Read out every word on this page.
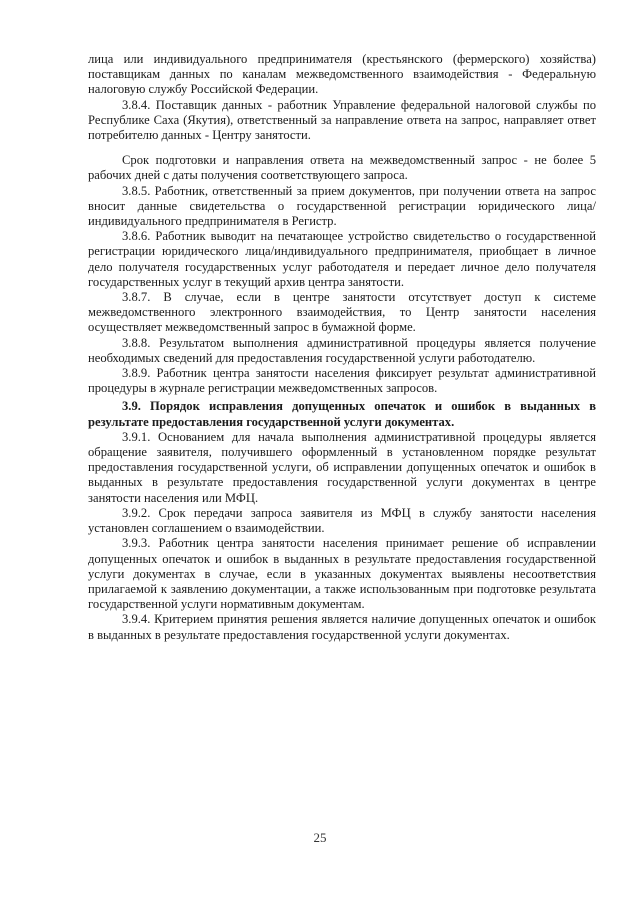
лица или индивидуального предпринимателя (крестьянского (фермерского) хозяйства) поставщикам данных по каналам межведомственного взаимодействия - Федеральную налоговую службу Российской Федерации.

3.8.4. Поставщик данных - работник Управление федеральной налоговой службы по Республике Саха (Якутия), ответственный за направление ответа на запрос, направляет ответ потребителю данных - Центру занятости.

Срок подготовки и направления ответа на межведомственный запрос - не более 5 рабочих дней с даты получения соответствующего запроса.

3.8.5. Работник, ответственный за прием документов, при получении ответа на запрос вносит данные свидетельства о государственной регистрации юридического лица/индивидуального предпринимателя в Регистр.

3.8.6. Работник выводит на печатающее устройство свидетельство о государственной регистрации юридического лица/индивидуального предпринимателя, приобщает в личное дело получателя государственных услуг работодателя и передает личное дело получателя государственных услуг в текущий архив центра занятости.

3.8.7. В случае, если в центре занятости отсутствует доступ к системе межведомственного электронного взаимодействия, то Центр занятости населения осуществляет межведомственный запрос в бумажной форме.

3.8.8. Результатом выполнения административной процедуры является получение необходимых сведений для предоставления государственной услуги работодателю.

3.8.9. Работник центра занятости населения фиксирует результат административной процедуры в журнале регистрации межведомственных запросов.

3.9. Порядок исправления допущенных опечаток и ошибок в выданных в результате предоставления государственной услуги документах.

3.9.1. Основанием для начала выполнения административной процедуры является обращение заявителя, получившего оформленный в установленном порядке результат предоставления государственной услуги, об исправлении допущенных опечаток и ошибок в выданных в результате предоставления государственной услуги документах в центре занятости населения или МФЦ.

3.9.2. Срок передачи запроса заявителя из МФЦ в службу занятости населения установлен соглашением о взаимодействии.

3.9.3. Работник центра занятости населения принимает решение об исправлении допущенных опечаток и ошибок в выданных в результате предоставления государственной услуги документах в случае, если в указанных документах выявлены несоответствия прилагаемой к заявлению документации, а также использованным при подготовке результата государственной услуги нормативным документам.

3.9.4. Критерием принятия решения является наличие допущенных опечаток и ошибок в выданных в результате предоставления государственной услуги документах.

25
